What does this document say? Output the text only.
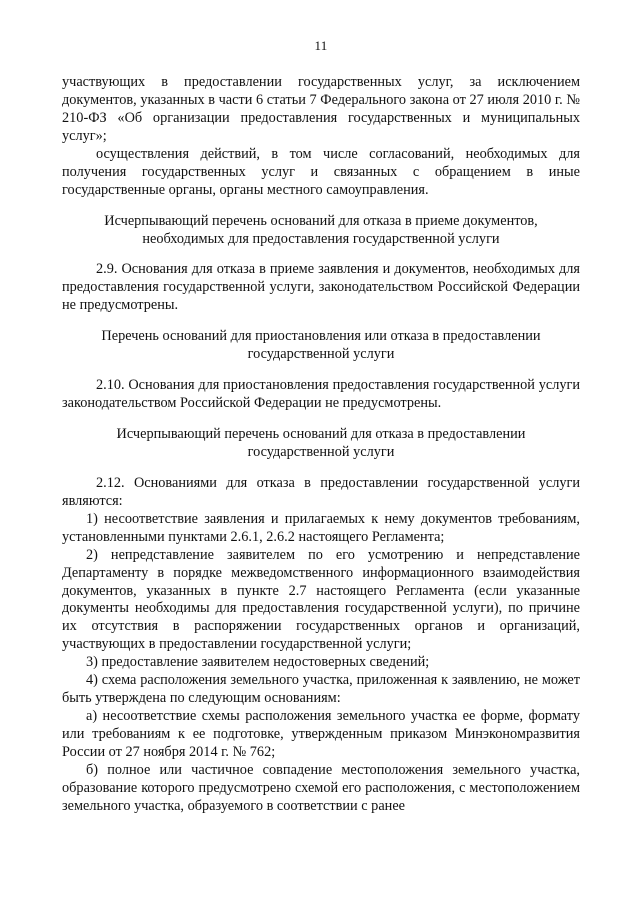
11

участвующих в предоставлении государственных услуг, за исключением документов, указанных в части 6 статьи 7 Федерального закона от 27 июля 2010 г. № 210-ФЗ «Об организации предоставления государственных и муниципальных услуг»;

осуществления действий, в том числе согласований, необходимых для получения государственных услуг и связанных с обращением в иные государственные органы, органы местного самоуправления.

Исчерпывающий перечень оснований для отказа в приеме документов,
необходимых для предоставления государственной услуги

2.9. Основания для отказа в приеме заявления и документов, необходимых для предоставления государственной услуги, законодательством Российской Федерации не предусмотрены.

Перечень оснований для приостановления или отказа в предоставлении
государственной услуги

2.10. Основания для приостановления предоставления государственной услуги законодательством Российской Федерации не предусмотрены.

Исчерпывающий перечень оснований для отказа в предоставлении
государственной услуги

2.12. Основаниями для отказа в предоставлении государственной услуги являются:

1) несоответствие заявления и прилагаемых к нему документов требованиям, установленными пунктами 2.6.1, 2.6.2 настоящего Регламента;

2) непредставление заявителем по его усмотрению и непредставление Департаменту в порядке межведомственного информационного взаимодействия документов, указанных в пункте 2.7 настоящего Регламента (если указанные документы необходимы для предоставления государственной услуги), по причине их отсутствия в распоряжении государственных органов и организаций, участвующих в предоставлении государственной услуги;

3) предоставление заявителем недостоверных сведений;

4) схема расположения земельного участка, приложенная к заявлению, не может быть утверждена по следующим основаниям:

а) несоответствие схемы расположения земельного участка ее форме, формату или требованиям к ее подготовке, утвержденным приказом Минэкономразвития России от 27 ноября 2014 г. № 762;

б) полное или частичное совпадение местоположения земельного участка, образование которого предусмотрено схемой его расположения, с местоположением земельного участка, образуемого в соответствии с ранее
